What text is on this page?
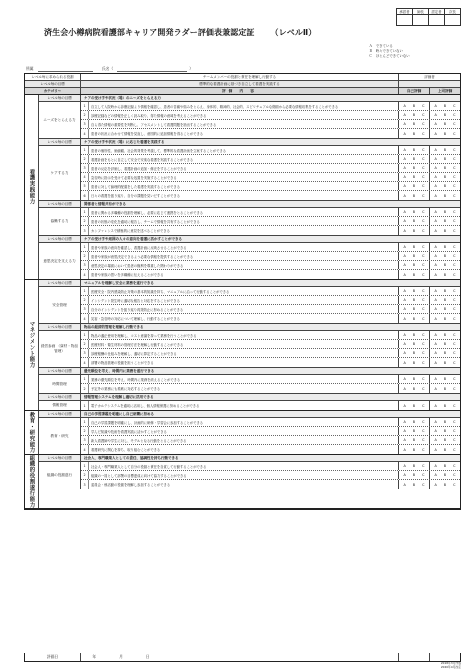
承認者	師長	認定者	次長

済生会小樽病院看護部キャリア開発ラダー評価表兼認定証 （レベルⅡ）
Ａ　できている
Ｂ　時々できていない
Ｃ　ほとんどできていない
所属	氏名（	）
レベル毎に求められる役割	チームメンバーの役割と責任を理解し行動する	評価者
レベル毎の目標	標準的な看護計画に基づき自立して看護を実践する
カテゴリー	評価 内 容	自己評価	上司評価
看護実践能力
レベル毎の目標	ケアの受け手や状況（場）のニーズをとらえる力
ニーズをとらえる力
1	自立して入院時から診療記録より情報を確認し、患者の苦痛や悩みをとらえ、身体的、精神的、社会的、スピリチュアルな側面から必要な情報収集をすることができる	A B C	A B C
2	診療記録などの情報を正しく読み取り、得た情報の意味を考えることができる	A B C	A B C
3	自ら得た情報の重要性を判断し、アセスメントして看護問題を抽出することができる	A B C	A B C
4	患者の状況に合わせて情報を見直し、意図的に追加情報を得ることができる	A B C	A B C
レベル毎の目標	ケアの受け手や状況（場）に応じた看護を実践する
ケアする力
1	患者の個別性、価値観、社会的背景を考慮して、標準的な看護計画を立案することができる	A B C	A B C
2	看護計画をもとに自立して安全で安楽な看護を実践することができる	A B C	A B C
3	患者の反応を評価し、看護計画の追加・修正をすることができる	A B C	A B C
4	急変時に指示を受けて必要な処置を実施することができる	A B C	A B C
5	患者に対して倫理的配慮をした看護を実践することができる	A B C	A B C
6	日々の看護を振り返り、自分の課題を見いだすことができる	A B C	A B C
レベル毎の目標	関係者と情報共有ができる
協働する力
1	患者に関わる多職種の役割を理解し、必要に応じて連携をとることができる	A B C	A B C
2	患者の状態の変化を適切に報告し、チームで情報を共有することができる	A B C	A B C
3	カンファレンスで積極的に意見を述べることができる	A B C	A B C
レベル毎の目標	ケアの受け手や周囲の人々の意向を看護に活かすことができる
意思決定を支える力
1	患者や家族の意向を確認し、看護計画に反映させることができる	A B C	A B C
2	患者や家族が意思決定できるよう必要な情報を提供することができる	A B C	A B C
3	意思決定の場面において患者の権利を尊重した関わりができる	A B C	A B C
4	患者や家族の思いを多職種に伝えることができる	A B C	A B C
マネジメント能力
レベル毎の目標	マニュアルを理解し安全に業務を遂行できる
安全管理
1	医療安全・院内感染防止対策の基本的知識を持ち、マニュアルに沿って行動することができる	A B C	A B C
2	インシデント発生時に適切な報告と対応をすることができる	A B C	A B C
3	自分のインシデントを振り返り再発防止に努めることができる	A B C	A B C
4	災害・急変時の対応について理解し、行動することができる	A B C	A B C
レベル毎の目標	物品の経済的管理を理解し行動できる
経営参画 （資材・物品管理）
1	物品の適正使用を理解し、コスト意識を持って業務を行うことができる	A B C	A B C
2	医療材料・衛生材料の管理方法を理解し行動することができる	A B C	A B C
3	診療報酬の仕組みを理解し、適切に算定することができる	A B C	A B C
4	部署の物品管理の役割を担うことができる	A B C	A B C
レベル毎の目標	優先順位を考え、時間内に業務を遂行できる
時間管理
1	業務の優先順位を考え、時間内に業務を終えることができる	A B C	A B C
2	予定外の業務にも柔軟に対応することができる	A B C	A B C
レベル毎の目標	情報管理システムを理解し適切に活用できる
情報管理	1	電子カルテシステムを適切に活用し、個人情報保護に努めることができる	A B C	A B C
教育・研究能力	レベル毎の目標	自己の学習課題を明確にし自己研鑽に努める
教育・研究
1	自己の学習課題を明確にし、計画的に研修・学習会に参加することができる	A B C	A B C
2	学んだ知識や技術を看護実践に活かすことができる	A B C	A B C
3	新人看護師や学生に対し、モデルとなる行動をとることができる	A B C	A B C
4	看護研究に関心を持ち、取り組むことができる	A B C	A B C
組織的役割遂行能力	レベル毎の目標	社会人、専門職業人としての責任、協調性を持ち行動できる
組織の役割遂行
1	社会人・専門職業人として自分の役割と責任を自覚して行動することができる	A B C	A B C
2	組織の一員として部署の目標達成に向けて協力することができる	A B C	A B C
3	委員会・係活動の役割を理解し参加することができる	A B C	A B C
評価日	年	月	日
2018年3月作成
2020年4月改定
